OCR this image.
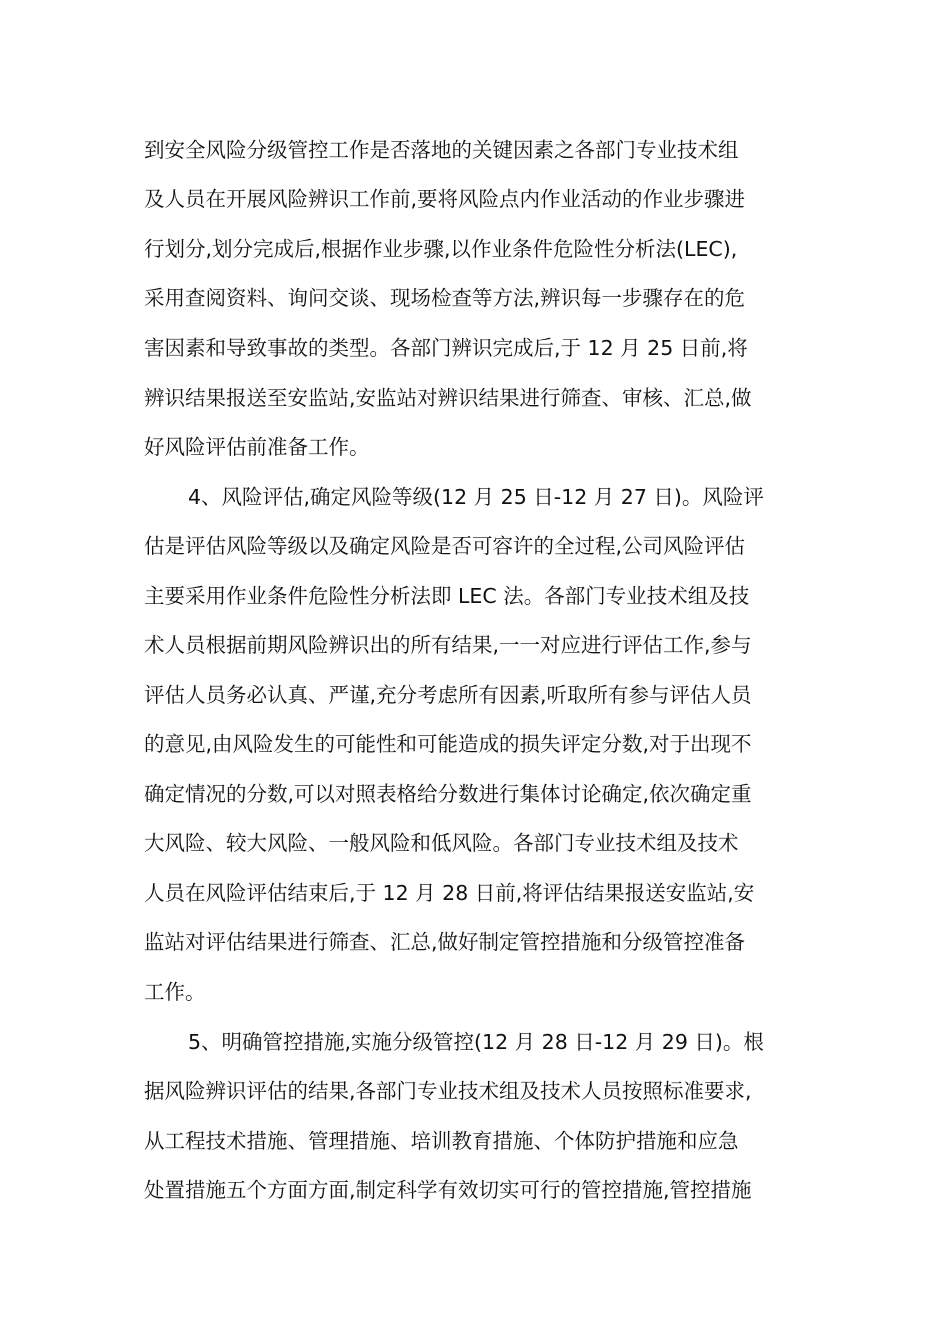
到安全风险分级管控工作是否落地的关键因素之各部门专业技术组
及人员在开展风险辨识工作前,要将风险点内作业活动的作业步骤进
行划分,划分完成后,根据作业步骤,以作业条件危险性分析法(LEC),
采用查阅资料、询问交谈、现场检查等方法,辨识每一步骤存在的危
害因素和导致事故的类型。各部门辨识完成后,于 12 月 25 日前,将
辨识结果报送至安监站,安监站对辨识结果进行筛查、审核、汇总,做
好风险评估前准备工作。
4、风险评估,确定风险等级(12 月 25 日-12 月 27 日)。风险评
估是评估风险等级以及确定风险是否可容许的全过程,公司风险评估
主要采用作业条件危险性分析法即 LEC 法。各部门专业技术组及技
术人员根据前期风险辨识出的所有结果,一一对应进行评估工作,参与
评估人员务必认真、严谨,充分考虑所有因素,听取所有参与评估人员
的意见,由风险发生的可能性和可能造成的损失评定分数,对于出现不
确定情况的分数,可以对照表格给分数进行集体讨论确定,依次确定重
大风险、较大风险、一般风险和低风险。各部门专业技术组及技术
人员在风险评估结束后,于 12 月 28 日前,将评估结果报送安监站,安
监站对评估结果进行筛查、汇总,做好制定管控措施和分级管控准备
工作。
5、明确管控措施,实施分级管控(12 月 28 日-12 月 29 日)。根
据风险辨识评估的结果,各部门专业技术组及技术人员按照标准要求,
从工程技术措施、管理措施、培训教育措施、个体防护措施和应急
处置措施五个方面方面,制定科学有效切实可行的管控措施,管控措施
